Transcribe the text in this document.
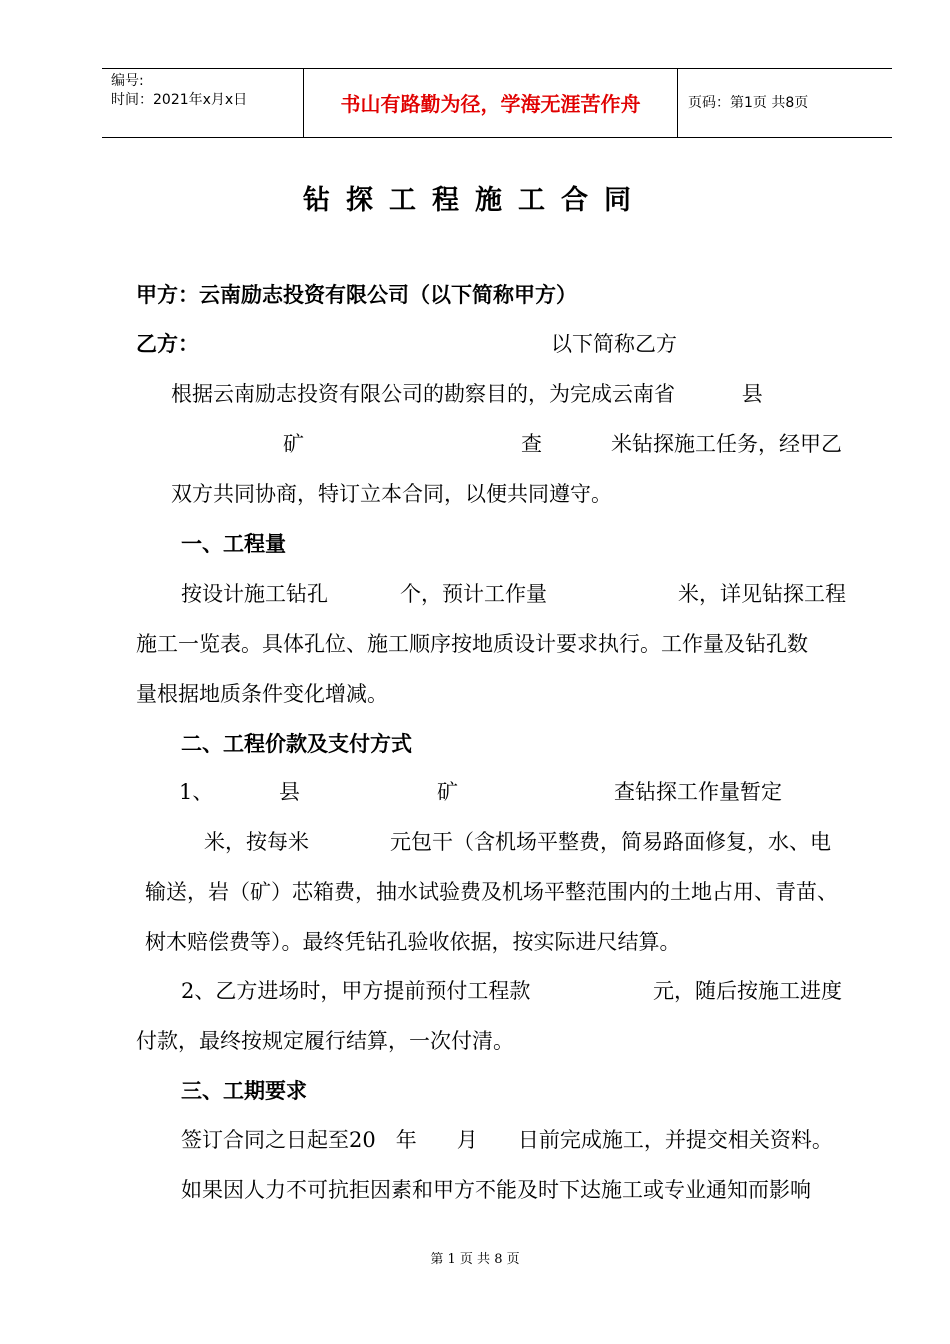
编号:
时间：2021年x月x日	书山有路勤为径，学海无涯苦作舟	页码：第1页 共8页
钻探工程施工合同
甲方：云南励志投资有限公司（以下简称甲方）
乙方：	以下简称乙方
根据云南励志投资有限公司的勘察目的，为完成云南省          县
矿	查	米钻探施工任务，经甲乙
双方共同协商，特订立本合同，以便共同遵守。
一、工程量
按设计施工钻孔	个，预计工作量	米，详见钻探工程
施工一览表。具体孔位、施工顺序按地质设计要求执行。工作量及钻孔数
量根据地质条件变化增减。
二、工程价款及支付方式
1、	县	矿	查钻探工作量暂定
米，按每米	元包干（含机场平整费，简易路面修复，水、电
输送，岩（矿）芯箱费，抽水试验费及机场平整范围内的土地占用、青苗、
树木赔偿费等）。最终凭钻孔验收依据，按实际进尺结算。
2、乙方进场时，甲方提前预付工程款	元，随后按施工进度
付款，最终按规定履行结算，一次付清。
三、工期要求
签订合同之日起至20   年      月      日前完成施工，并提交相关资料。
如果因人力不可抗拒因素和甲方不能及时下达施工或专业通知而影响
第 1 页 共 8 页
